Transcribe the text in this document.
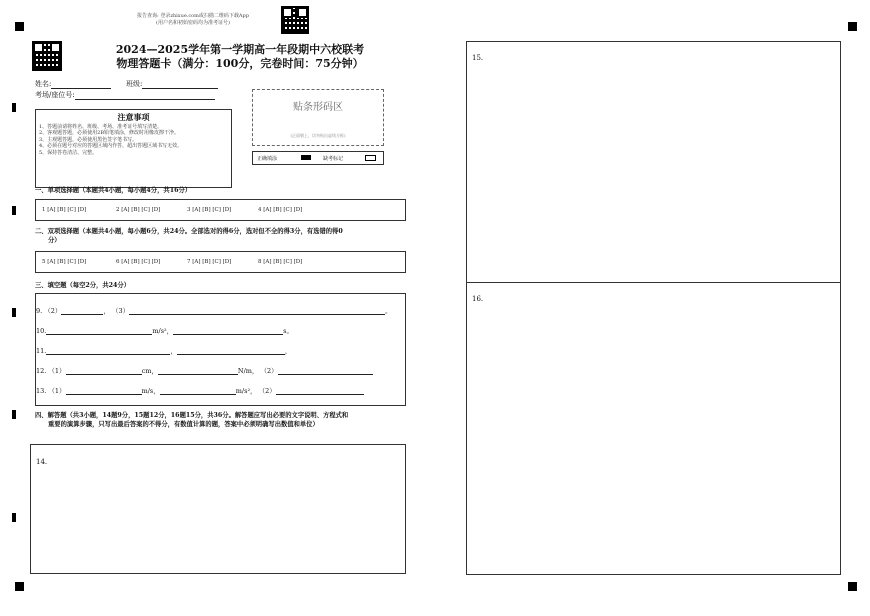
报告查询: 登录zhixue.com或扫描二维码下载App
(用户名和初始密码均为准考证号)
2024—2025学年第一学期高一年段期中六校联考
物理答题卡（满分：100分，完卷时间：75分钟）
姓名:	班级:
考场/座位号:
注意事项
1、答题前请将姓名、班级、考场、准考证号填写清楚。
2、客观题答题，必须使用2B铅笔填涂，修改时用橡皮擦干净。
3、主观题答题，必须使用黑色签字笔书写。
4、必须在题号对应的答题区域内作答，超出答题区域书写无效。
5、保持答卷清洁、完整。
贴条形码区
(正面朝上，切勿贴出虚线方框)
正确填涂	缺考标记
一、单项选择题（本题共4小题，每小题4分，共16分）
1 [A] [B] [C] [D]	2 [A] [B] [C] [D]	3 [A] [B] [C] [D]	4 [A] [B] [C] [D]
二、双项选择题（本题共4小题，每小题6分，共24分。全部选对的得6分，选对但不全的得3分，有选错的得0
分）
5 [A] [B] [C] [D]	6 [A] [B] [C] [D]	7 [A] [B] [C] [D]	8 [A] [B] [C] [D]
三、填空题（每空2分，共24分）
9. （2）	， （3）	。
10.	m/s²，	s。
11.	，	，
12. （1）	cm，	N/m， （2）
13. （1）	m/s，	m/s²， （2）
四、解答题（共3小题，14题9分，15题12分，16题15分，共36分。解答题应写出必要的文字说明、方程式和
重要的演算步骤，只写出最后答案的不得分，有数值计算的题，答案中必须明确写出数值和单位）
14.
15.
16.
